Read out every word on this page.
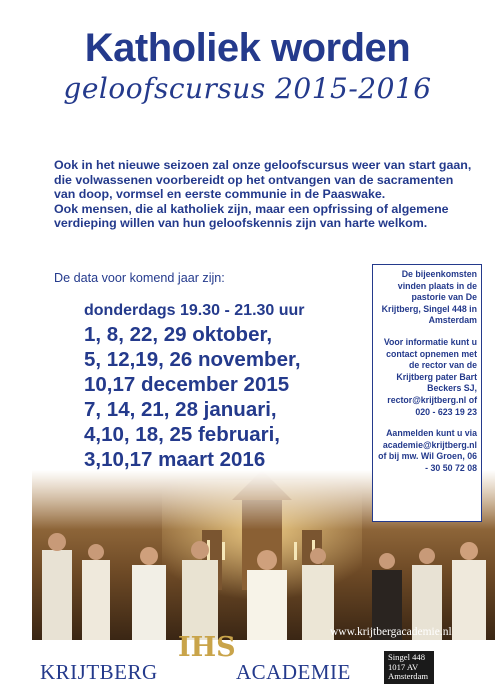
Katholiek worden
geloofscursus 2015-2016

Ook in het nieuwe seizoen zal onze geloofscursus weer van start gaan, die volwassenen voorbereidt op het ontvangen van de sacramenten van doop, vormsel en eerste communie in de Paaswake.

Ook mensen, die al katholiek zijn, maar een opfrissing of algemene verdieping willen van hun geloofskennis zijn van harte welkom.

De data voor komend jaar zijn:
donderdags 19.30 - 21.30 uur
1, 8, 22, 29 oktober,
5, 12,19, 26 november,
10,17 december 2015
7, 14, 21, 28 januari,
4,10, 18, 25 februari,
3,10,17 maart 2016

De bijeenkomsten vinden plaats in de pastorie van De Krijtberg, Singel 448 in Amsterdam

Voor informatie kunt u contact opnemen met de rector van de Krijtberg pater Bart Beckers SJ, rector@krijtberg.nl of 020 - 623 19 23

Aanmelden kunt u via academie@krijtberg.nl of bij mw. Wil Groen, 06 - 30 50 72 08

www.krijtbergacademie.nl
KRIJTBERG
IHS
ACADEMIE
Singel 448
1017 AV
Amsterdam
